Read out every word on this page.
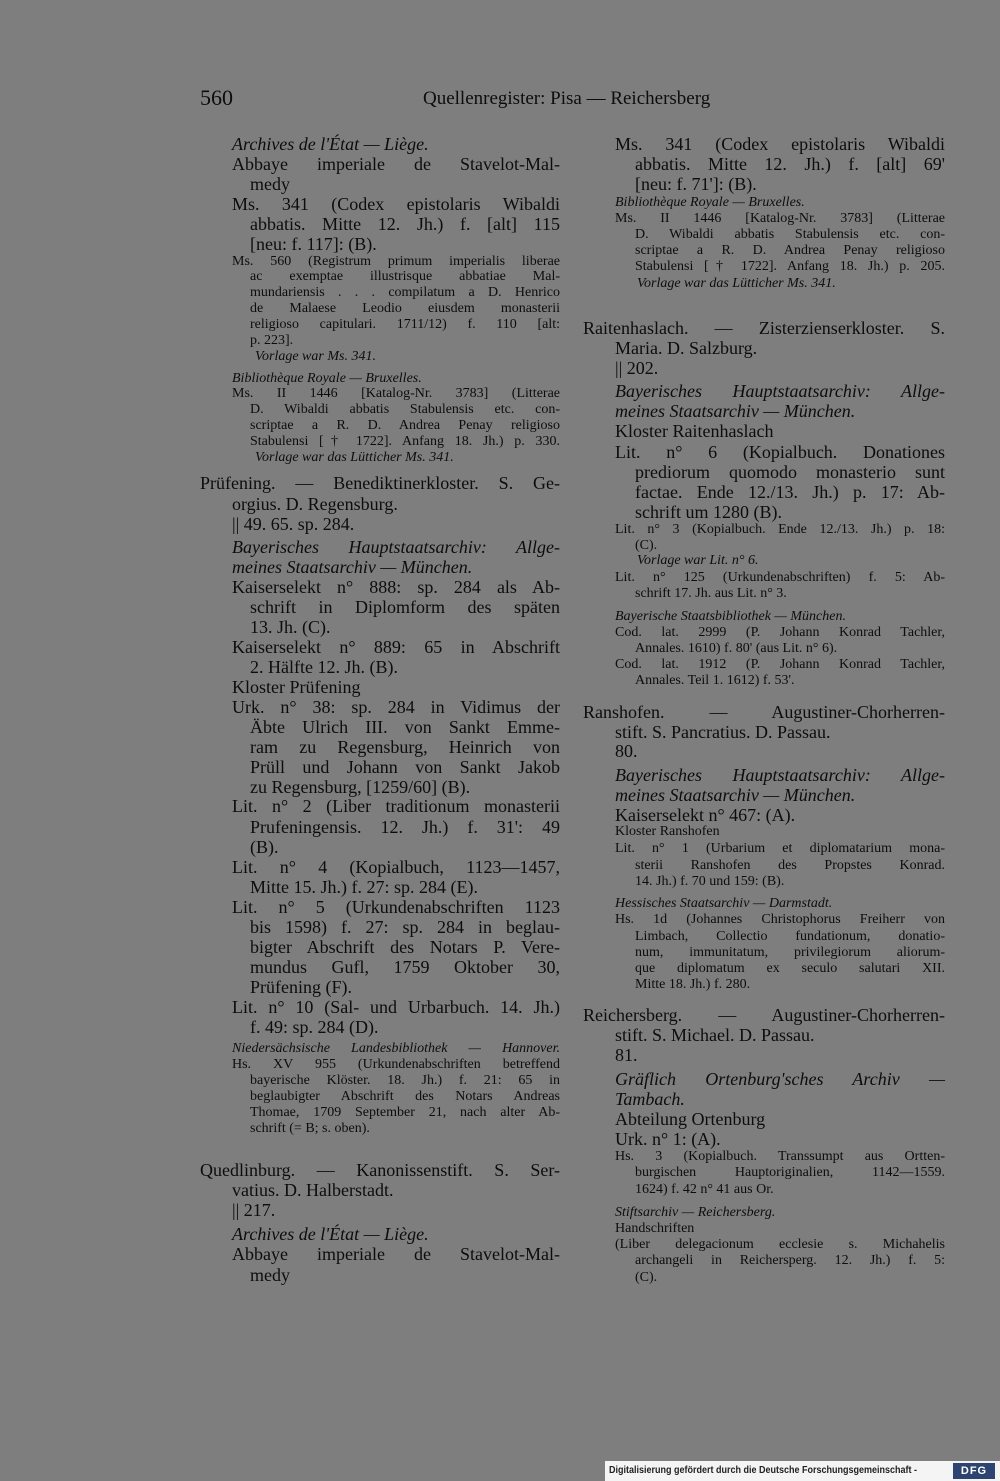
560	Quellenregister: Pisa — Reichersberg
Archives de l'État — Liège.
Abbaye imperiale de Stavelot-Mal-
medy
Ms. 341 (Codex epistolaris Wibaldi
abbatis. Mitte 12. Jh.) f. [alt] 115
[neu: f. 117]: (B).
Ms. 560 (Registrum primum imperialis liberae
ac exemptae illustrisque abbatiae Mal-
mundariensis . . . compilatum a D. Henrico
de Malaese Leodio eiusdem monasterii
religioso capitulari. 1711/12) f. 110 [alt:
p. 223].
Vorlage war Ms. 341.
Bibliothèque Royale — Bruxelles.
Ms. II 1446 [Katalog-Nr. 3783] (Litterae
D. Wibaldi abbatis Stabulensis etc. con-
scriptae a R. D. Andrea Penay religioso
Stabulensi [† 1722]. Anfang 18. Jh.) p. 330.
Vorlage war das Lütticher Ms. 341.
Prüfening. — Benediktinerkloster. S. Ge-
orgius. D. Regensburg.
|| 49. 65. sp. 284.
Bayerisches Hauptstaatsarchiv: Allge-
meines Staatsarchiv — München.
Kaiserselekt n° 888: sp. 284 als Ab-
schrift in Diplomform des späten
13. Jh. (C).
Kaiserselekt n° 889: 65 in Abschrift
2. Hälfte 12. Jh. (B).
Kloster Prüfening
Urk. n° 38: sp. 284 in Vidimus der
Äbte Ulrich III. von Sankt Emme-
ram zu Regensburg, Heinrich von
Prüll und Johann von Sankt Jakob
zu Regensburg, [1259/60] (B).
Lit. n° 2 (Liber traditionum monasterii
Prufeningensis. 12. Jh.) f. 31': 49
(B).
Lit. n° 4 (Kopialbuch, 1123—1457,
Mitte 15. Jh.) f. 27: sp. 284 (E).
Lit. n° 5 (Urkundenabschriften 1123
bis 1598) f. 27: sp. 284 in beglau-
bigter Abschrift des Notars P. Vere-
mundus Gufl, 1759 Oktober 30,
Prüfening (F).
Lit. n° 10 (Sal- und Urbarbuch. 14. Jh.)
f. 49: sp. 284 (D).
Niedersächsische Landesbibliothek — Hannover.
Hs. XV 955 (Urkundenabschriften betreffend
bayerische Klöster. 18. Jh.) f. 21: 65 in
beglaubigter Abschrift des Notars Andreas
Thomae, 1709 September 21, nach alter Ab-
schrift (= B; s. oben).
Quedlinburg. — Kanonissenstift. S. Ser-
vatius. D. Halberstadt.
|| 217.
Archives de l'État — Liège.
Abbaye imperiale de Stavelot-Mal-
medy
Ms. 341 (Codex epistolaris Wibaldi
abbatis. Mitte 12. Jh.) f. [alt] 69'
[neu: f. 71']: (B).
Bibliothèque Royale — Bruxelles.
Ms. II 1446 [Katalog-Nr. 3783] (Litterae
D. Wibaldi abbatis Stabulensis etc. con-
scriptae a R. D. Andrea Penay religioso
Stabulensi [† 1722]. Anfang 18. Jh.) p. 205.
Vorlage war das Lütticher Ms. 341.
Raitenhaslach. — Zisterzienserkloster. S.
Maria. D. Salzburg.
|| 202.
Bayerisches Hauptstaatsarchiv: Allge-
meines Staatsarchiv — München.
Kloster Raitenhaslach
Lit. n° 6 (Kopialbuch. Donationes
prediorum quomodo monasterio sunt
factae. Ende 12./13. Jh.) p. 17: Ab-
schrift um 1280 (B).
Lit. n° 3 (Kopialbuch. Ende 12./13. Jh.) p. 18:
(C).
Vorlage war Lit. n° 6.
Lit. n° 125 (Urkundenabschriften) f. 5: Ab-
schrift 17. Jh. aus Lit. n° 3.
Bayerische Staatsbibliothek — München.
Cod. lat. 2999 (P. Johann Konrad Tachler,
Annales. 1610) f. 80' (aus Lit. n° 6).
Cod. lat. 1912 (P. Johann Konrad Tachler,
Annales. Teil 1. 1612) f. 53'.
Ranshofen. — Augustiner-Chorherren-
stift. S. Pancratius. D. Passau.
80.
Bayerisches Hauptstaatsarchiv: Allge-
meines Staatsarchiv — München.
Kaiserselekt n° 467: (A).
Kloster Ranshofen
Lit. n° 1 (Urbarium et diplomatarium mona-
sterii Ranshofen des Propstes Konrad.
14. Jh.) f. 70 und 159: (B).
Hessisches Staatsarchiv — Darmstadt.
Hs. 1d (Johannes Christophorus Freiherr von
Limbach, Collectio fundationum, donatio-
num, immunitatum, privilegiorum aliorum-
que diplomatum ex seculo salutari XII.
Mitte 18. Jh.) f. 280.
Reichersberg. — Augustiner-Chorherren-
stift. S. Michael. D. Passau.
81.
Gräflich Ortenburg'sches Archiv —
Tambach.
Abteilung Ortenburg
Urk. n° 1: (A).
Hs. 3 (Kopialbuch. Transsumpt aus Ortten-
burgischen Hauptoriginalien, 1142—1559.
1624) f. 42 n° 41 aus Or.
Stiftsarchiv — Reichersberg.
Handschriften
(Liber delegacionum ecclesie s. Michahelis
archangeli in Reichersperg. 12. Jh.) f. 5:
(C).
Digitalisierung gefördert durch die Deutsche Forschungsgemeinschaft -	DFG
